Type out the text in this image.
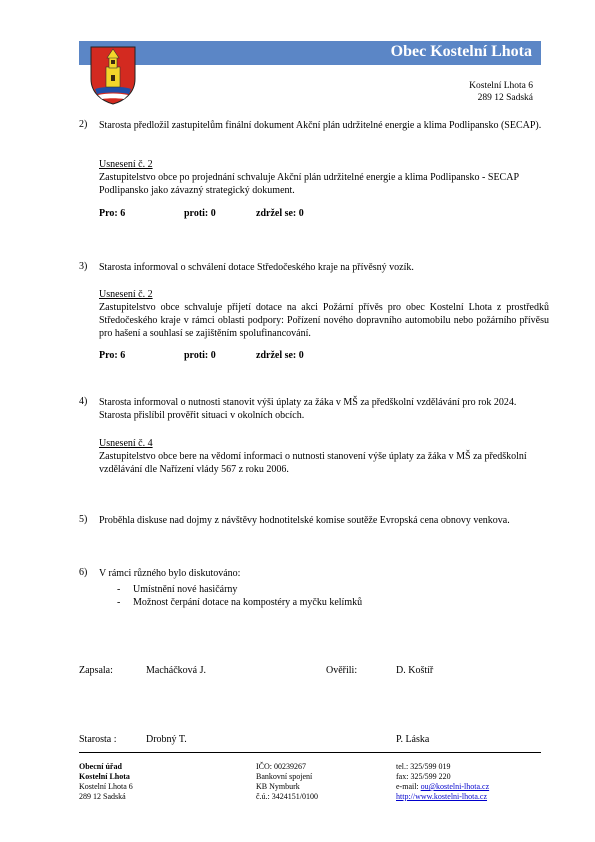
Obec Kostelní Lhota
Kostelní Lhota 6
289 12 Sadská
2)	Starosta předložil zastupitelům finální dokument Akční plán udržitelné energie a klima Podlipansko (SECAP).
Usnesení č. 2
Zastupitelstvo obce po projednání schvaluje Akční plán udržitelné energie a klima Podlipansko - SECAP Podlipansko jako závazný strategický dokument.
Pro: 6	proti: 0	zdržel se: 0
3)	Starosta informoval o schválení dotace Středočeského kraje na přívěsný vozík.
Usnesení č. 2
Zastupitelstvo obce schvaluje přijetí dotace na akci Požární přívěs pro obec Kostelní Lhota z prostředků Středočeského kraje v rámci oblasti podpory: Pořízení nového dopravního automobilu nebo požárního přívěsu pro hašení a souhlasí se zajištěním spolufinancování.
Pro: 6	proti: 0	zdržel se: 0
4)	Starosta informoval o nutnosti stanovit výši úplaty za žáka v MŠ za předškolní vzdělávání pro rok 2024. Starosta přislíbil prověřit situaci v okolních obcích.
Usnesení č. 4
Zastupitelstvo obce bere na vědomí informaci o nutnosti stanovení výše úplaty za žáka v MŠ za předškolní vzdělávání dle Nařízení vlády 567 z roku 2006.
5)	Proběhla diskuse nad dojmy z návštěvy hodnotitelské komise soutěže Evropská cena obnovy venkova.
6)	V rámci různého bylo diskutováno:
- Umístnění nové hasičárny
- Možnost čerpání dotace na kompostéry a myčku kelímků
Zapsala:	Macháčková J.	Ověřili:	D. Koštíř
Starosta :	Drobný T.	P. Láska
Obecní úřad
Kostelní Lhota
Kostelní Lhota 6
289 12 Sadská
IČO: 00239267
Bankovní spojení
KB Nymburk
č.ú.: 3424151/0100
tel.: 325/599 019
fax: 325/599 220
e-mail: ou@kostelni-lhota.cz
http://www.kostelni-lhota.cz
